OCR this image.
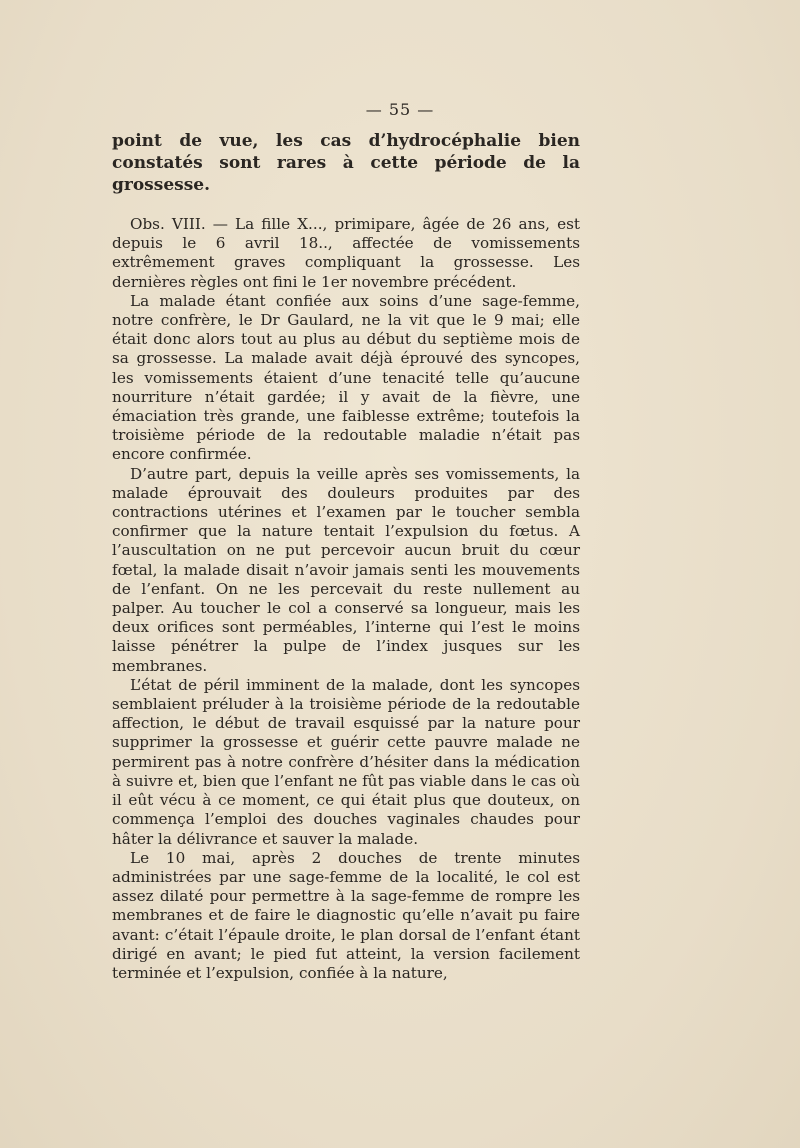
— 55 —

point de vue, les cas d’hydrocéphalie bien constatés sont rares à cette période de la grossesse.

Obs. VIII. — La fille X..., primipare, âgée de 26 ans, est depuis le 6 avril 18.., affectée de vomissements extrêmement graves compliquant la grossesse. Les dernières règles ont fini le 1er novembre précédent.

La malade étant confiée aux soins d’une sage-femme, notre confrère, le Dr Gaulard, ne la vit que le 9 mai; elle était donc alors tout au plus au début du septième mois de sa grossesse. La malade avait déjà éprouvé des syncopes, les vomissements étaient d’une tenacité telle qu’aucune nourriture n’était gardée; il y avait de la fièvre, une émaciation très grande, une faiblesse extrême; toutefois la troisième période de la redoutable maladie n’était pas encore confirmée.

D’autre part, depuis la veille après ses vomissements, la malade éprouvait des douleurs produites par des contractions utérines et l’examen par le toucher sembla confirmer que la nature tentait l’expulsion du fœtus. A l’auscultation on ne put percevoir aucun bruit du cœur fœtal, la malade disait n’avoir jamais senti les mouvements de l’enfant. On ne les percevait du reste nullement au palper. Au toucher le col a conservé sa longueur, mais les deux orifices sont perméables, l’interne qui l’est le moins laisse pénétrer la pulpe de l’index jusques sur les membranes.

L’état de péril imminent de la malade, dont les syncopes semblaient préluder à la troisième période de la redoutable affection, le début de travail esquissé par la nature pour supprimer la grossesse et guérir cette pauvre malade ne permirent pas à notre confrère d’hésiter dans la médication à suivre et, bien que l’enfant ne fût pas viable dans le cas où il eût vécu à ce moment, ce qui était plus que douteux, on commença l’emploi des douches vaginales chaudes pour hâter la délivrance et sauver la malade.

Le 10 mai, après 2 douches de trente minutes administrées par une sage-femme de la localité, le col est assez dilaté pour permettre à la sage-femme de rompre les membranes et de faire le diagnostic qu’elle n’avait pu faire avant: c’était l’épaule droite, le plan dorsal de l’enfant étant dirigé en avant; le pied fut atteint, la version facilement terminée et l’expulsion, confiée à la nature,
